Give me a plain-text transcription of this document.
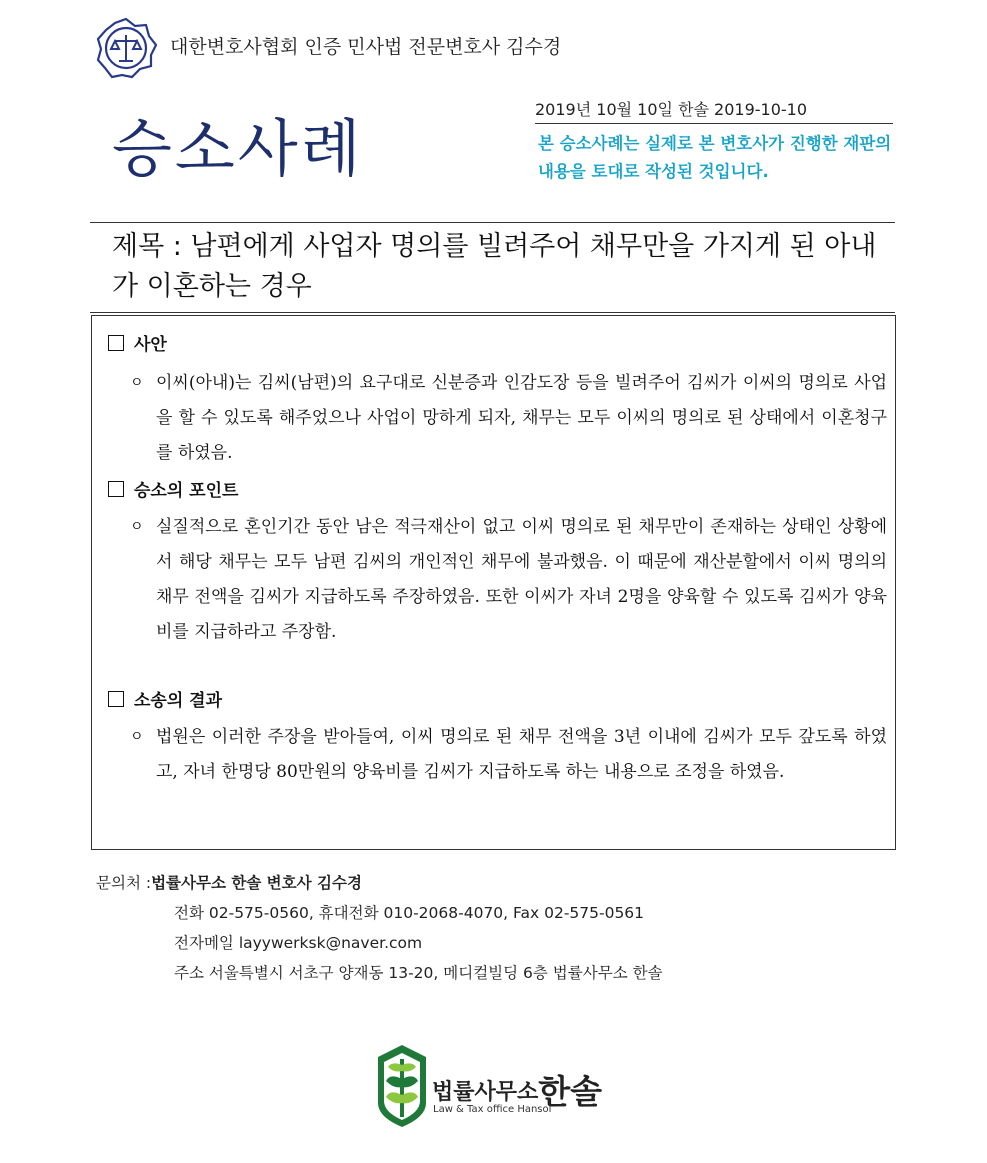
대한변호사협회 인증 민사법 전문변호사 김수경
2019년 10월 10일 한솔 2019-10-10
승소사례	본 승소사례는 실제로 본 변호사가 진행한 재판의 내용을 토대로 작성된 것입니다.
제목 : 남편에게 사업자 명의를 빌려주어 채무만을 가지게 된 아내
가 이혼하는 경우
사안
ㅇ 이씨(아내)는 김씨(남편)의 요구대로 신분증과 인감도장 등을 빌려주어 김씨가 이씨의 명의로 사업을 할 수 있도록 해주었으나 사업이 망하게 되자, 채무는 모두 이씨의 명의로 된 상태에서 이혼청구를 하였음.
승소의 포인트
ㅇ 실질적으로 혼인기간 동안 남은 적극재산이 없고 이씨 명의로 된 채무만이 존재하는 상태인 상황에서 해당 채무는 모두 남편 김씨의 개인적인 채무에 불과했음. 이 때문에 재산분할에서 이씨 명의의 채무 전액을 김씨가 지급하도록 주장하였음. 또한 이씨가 자녀 2명을 양육할 수 있도록 김씨가 양육비를 지급하라고 주장함.
소송의 결과
ㅇ 법원은 이러한 주장을 받아들여, 이씨 명의로 된 채무 전액을 3년 이내에 김씨가 모두 갚도록 하였고, 자녀 한명당 80만원의 양육비를 김씨가 지급하도록 하는 내용으로 조정을 하였음.
문의처 :법률사무소 한솔 변호사 김수경
전화 02-575-0560, 휴대전화 010-2068-4070, Fax 02-575-0561
전자메일 layywerksk@naver.com
주소 서울특별시 서초구 양재동 13-20, 메디컬빌딩 6층 법률사무소 한솔
법률사무소한솔
Law & Tax office Hansol
